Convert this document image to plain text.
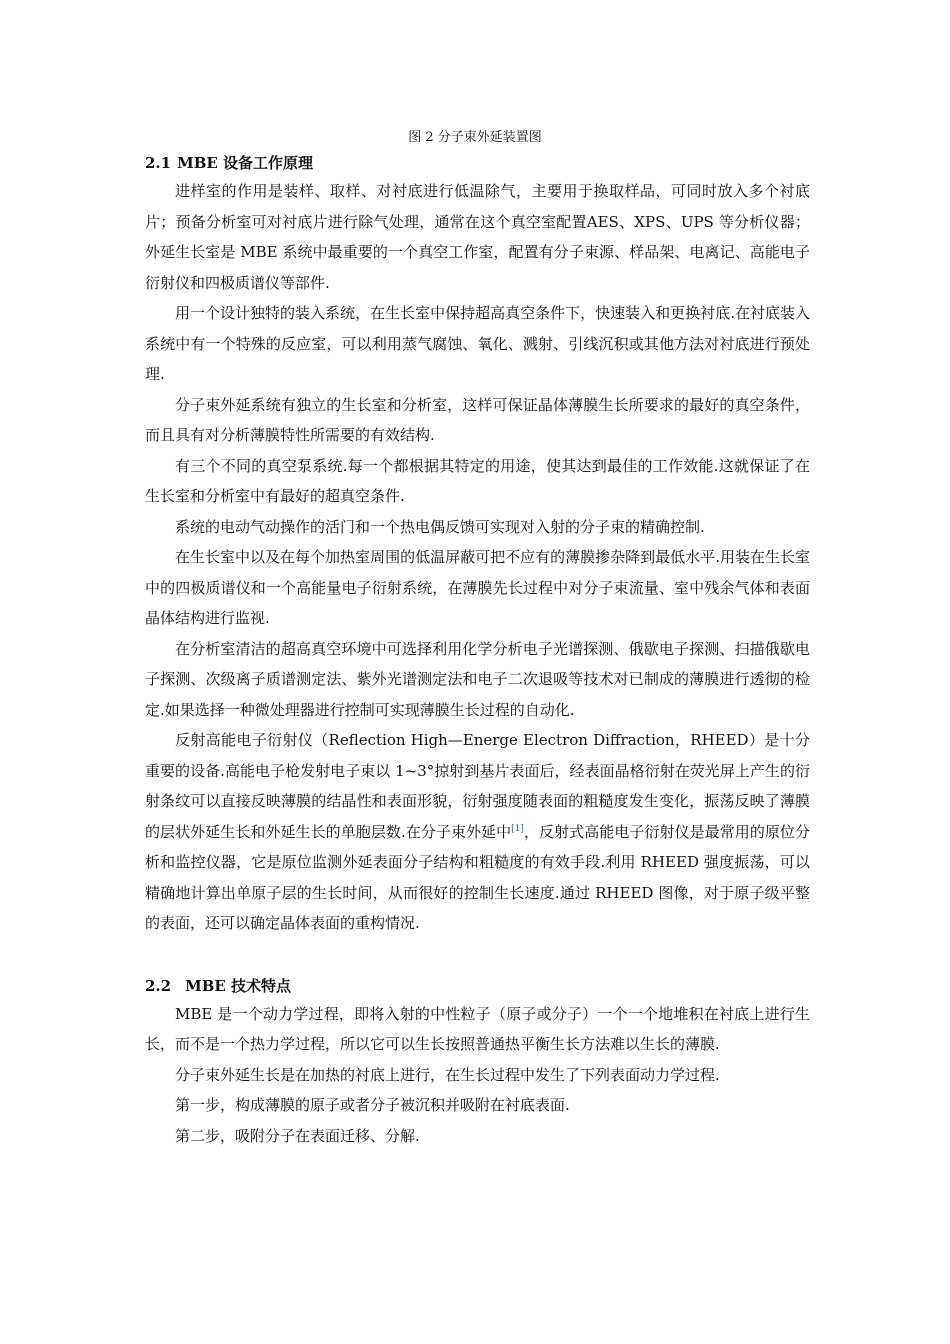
图 2 分子束外延装置图
2.1 MBE 设备工作原理

进样室的作用是装样、取样、对衬底进行低温除气，主要用于换取样品，可同时放入多个衬底片；预备分析室可对衬底片进行除气处理，通常在这个真空室配置AES、XPS、UPS 等分析仪器；外延生长室是 MBE 系统中最重要的一个真空工作室，配置有分子束源、样品架、电离记、高能电子衍射仪和四极质谱仪等部件.

用一个设计独特的装入系统，在生长室中保持超高真空条件下，快速装入和更换衬底.在衬底装入系统中有一个特殊的反应室，可以利用蒸气腐蚀、氧化、溅射、引线沉积或其他方法对衬底进行预处理.

分子束外延系统有独立的生长室和分析室，这样可保证晶体薄膜生长所要求的最好的真空条件，而且具有对分析薄膜特性所需要的有效结构.

有三个不同的真空泵系统.每一个都根据其特定的用途，使其达到最佳的工作效能.这就保证了在生长室和分析室中有最好的超真空条件.

系统的电动气动操作的活门和一个热电偶反馈可实现对入射的分子束的精确控制.

在生长室中以及在每个加热室周围的低温屏蔽可把不应有的薄膜掺杂降到最低水平.用装在生长室中的四极质谱仪和一个高能量电子衍射系统，在薄膜先长过程中对分子束流量、室中残余气体和表面晶体结构进行监视.

在分析室清洁的超高真空环境中可选择利用化学分析电子光谱探测、俄歇电子探测、扫描俄歇电子探测、次级离子质谱测定法、紫外光谱测定法和电子二次退吸等技术对已制成的薄膜进行透彻的检定.如果选择一种微处理器进行控制可实现薄膜生长过程的自动化.

反射高能电子衍射仪（Reflection High—Energe Electron Diffraction，RHEED）是十分重要的设备.高能电子枪发射电子束以 1~3°掠射到基片表面后，经表面晶格衍射在荧光屏上产生的衍射条纹可以直接反映薄膜的结晶性和表面形貌，衍射强度随表面的粗糙度发生变化，振荡反映了薄膜的层状外延生长和外延生长的单胞层数.在分子束外延中[1]，反射式高能电子衍射仪是最常用的原位分析和监控仪器，它是原位监测外延表面分子结构和粗糙度的有效手段.利用 RHEED 强度振荡，可以精确地计算出单原子层的生长时间，从而很好的控制生长速度.通过 RHEED 图像，对于原子级平整的表面，还可以确定晶体表面的重构情况.

2.2 MBE 技术特点

MBE 是一个动力学过程，即将入射的中性粒子（原子或分子）一个一个地堆积在衬底上进行生长，而不是一个热力学过程，所以它可以生长按照普通热平衡生长方法难以生长的薄膜.

分子束外延生长是在加热的衬底上进行，在生长过程中发生了下列表面动力学过程.

第一步，构成薄膜的原子或者分子被沉积并吸附在衬底表面.

第二步，吸附分子在表面迁移、分解.
